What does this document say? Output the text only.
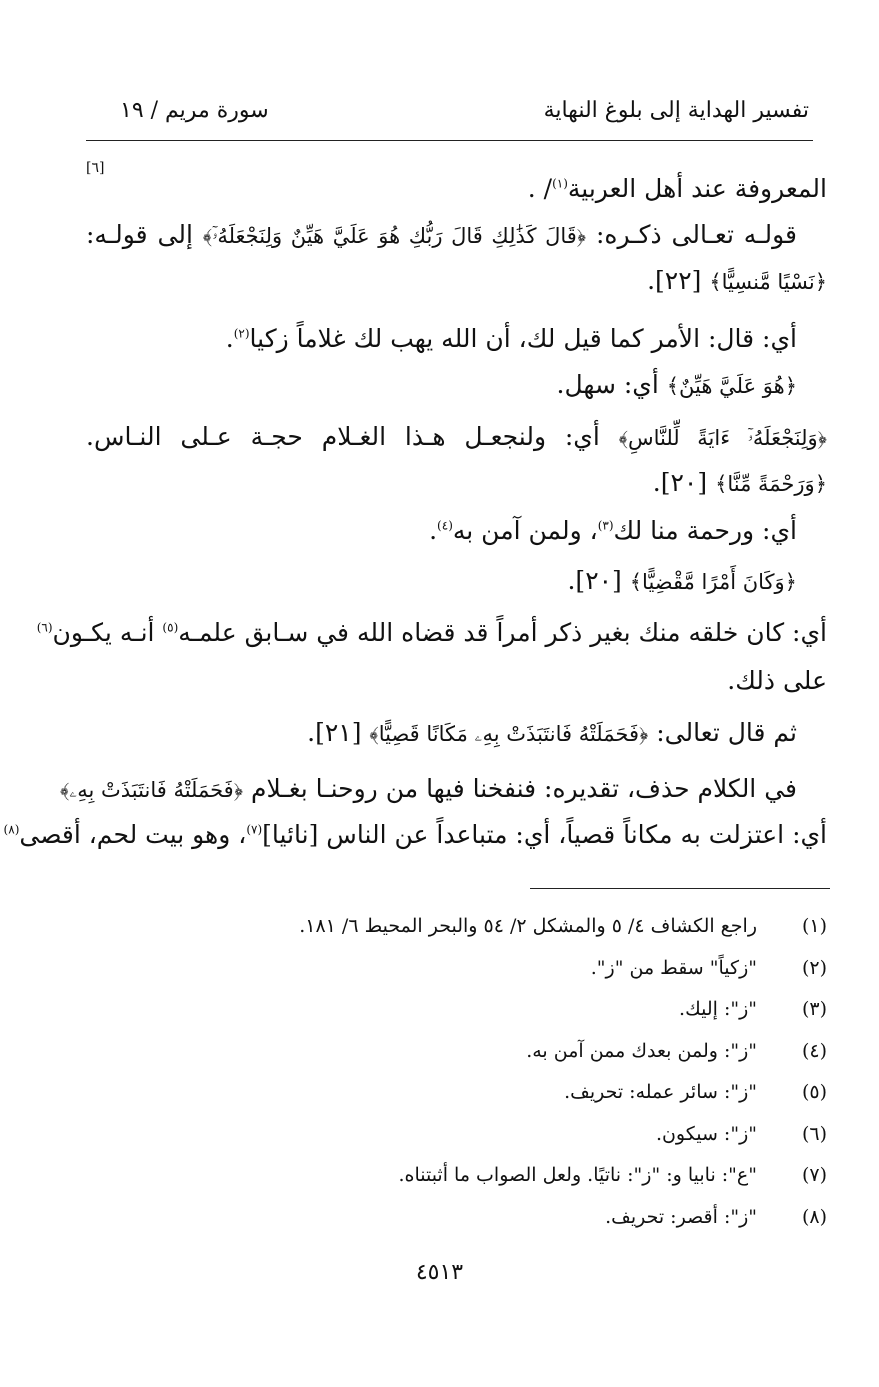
تفسير الهداية إلى بلوغ النهاية
سورة مريم / ١٩
[٦]
المعروفة عند أهل العربية$^{(١)}$/ .
قولـه تعـالى ذكـره: ﴿قَالَ كَذَٰلِكِ قَالَ رَبُّكِ هُوَ عَلَيَّ هَيِّنٌ وَلِنَجْعَلَهُۥٓ﴾ إلى قولـه:
﴿نَسْيًا مَّنسِيًّا﴾ [٢٢].
أي: قال: الأمر كما قيل لك، أن الله يهب لك غلاماً زكيا$^{(٢)}$.
﴿هُوَ عَلَيَّ هَيِّنٌ﴾ أي: سهل.
﴿وَلِنَجْعَلَهُۥٓ ءَايَةً لِّلنَّاسِ﴾ أي: ولنجعـل هـذا الغـلام حجـة عـلى النـاس.
﴿وَرَحْمَةً مِّنَّا﴾ [٢٠].
أي: ورحمة منا لك$^{(٣)}$، ولمن آمن به$^{(٤)}$.
﴿وَكَانَ أَمْرًا مَّقْضِيًّا﴾ [٢٠].
أي: كان خلقه منك بغير ذكر أمراً قد قضاه الله في سـابق علمـه$^{(٥)}$ أنـه يكـون$^{(٦)}$
على ذلك.
ثم قال تعالى: ﴿فَحَمَلَتْهُ فَانتَبَذَتْ بِهِۦ مَكَانًا قَصِيًّا﴾ [٢١].
في الكلام حذف، تقديره: فنفخنا فيها من روحنـا بغـلام ﴿فَحَمَلَتْهُ فَانتَبَذَتْ بِهِۦ﴾
أي: اعتزلت به مكاناً قصياً، أي: متباعداً عن الناس [نائيا]$^{(٧)}$، وهو بيت لحم، أقصى$^{(٨)}$
(١)راجع الكشاف ٤/ ٥ والمشكل ٢/ ٥٤ والبحر المحيط ٦/ ١٨١.
(٢)"زكياً" سقط من "ز".
(٣)"ز": إليك.
(٤)"ز": ولمن بعدك ممن آمن به.
(٥)"ز": سائر عمله: تحريف.
(٦)"ز": سيكون.
(٧)"ع": نابيا و: "ز": ناتيًا. ولعل الصواب ما أثبتناه.
(٨)"ز": أقصر: تحريف.
٤٥١٣
